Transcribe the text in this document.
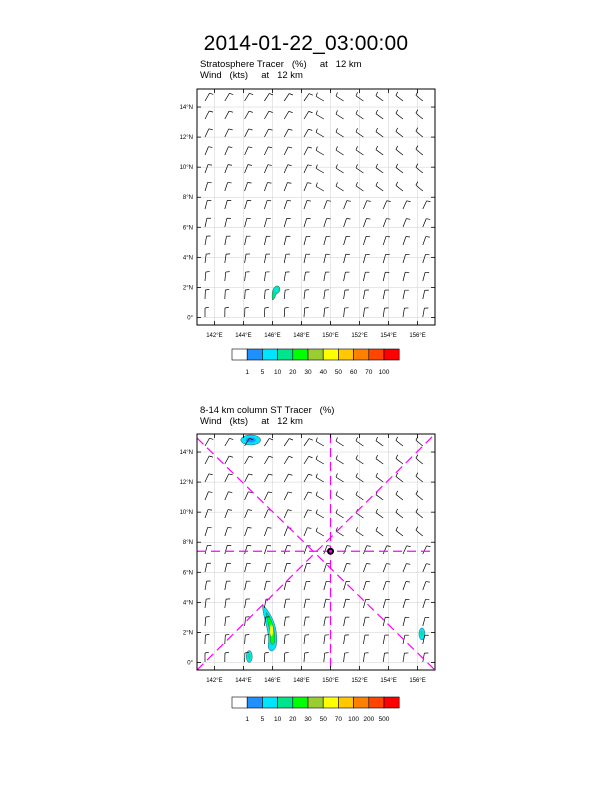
2014-01-22_03:00:00
Stratosphere Tracer   (%)     at   12 km
Wind   (kts)     at   12 km
8-14 km column ST Tracer   (%)
Wind   (kts)     at   12 km
142°E 144°E 146°E 148°E 150°E 152°E 154°E 156°E
0°
2°N
4°N
6°N
8°N
10°N
12°N
14°N
1 5 10 20 30 40 50 60 70 100
142°E 144°E 146°E 148°E 150°E 152°E 154°E 156°E
0°
2°N
4°N
6°N
8°N
10°N
12°N
14°N
1 5 10 20 30 50 70 100 200 500
